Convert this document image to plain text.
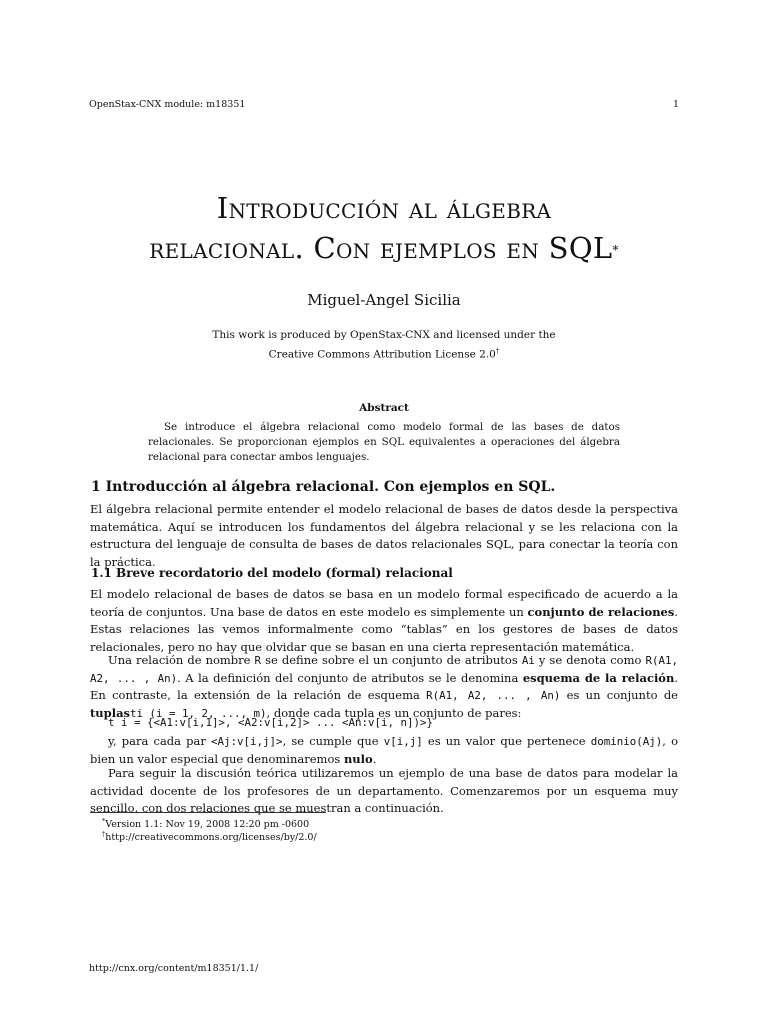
OpenStax-CNX module: m18351	1
Introducción al álgebra
relacional. Con ejemplos en SQL*
Miguel-Angel Sicilia
This work is produced by OpenStax-CNX and licensed under the
Creative Commons Attribution License 2.0†
Abstract
Se introduce el álgebra relacional como modelo formal de las bases de datos relacionales. Se proporcionan ejemplos en SQL equivalentes a operaciones del álgebra relacional para conectar ambos lenguajes.
1 Introducción al álgebra relacional. Con ejemplos en SQL.
El álgebra relacional permite entender el modelo relacional de bases de datos desde la perspectiva matemática. Aquí se introducen los fundamentos del álgebra relacional y se les relaciona con la estructura del lenguaje de consulta de bases de datos relacionales SQL, para conectar la teoría con la práctica.
1.1 Breve recordatorio del modelo (formal) relacional
El modelo relacional de bases de datos se basa en un modelo formal especificado de acuerdo a la teoría de conjuntos. Una base de datos en este modelo es simplemente un conjunto de relaciones. Estas relaciones las vemos informalmente como “tablas” en los gestores de bases de datos relacionales, pero no hay que olvidar que se basan en una cierta representación matemática.
Una relación de nombre R se define sobre el un conjunto de atributos Ai y se denota como R(A1, A2, ... , An). A la definición del conjunto de atributos se le denomina esquema de la relación. En contraste, la extensión de la relación de esquema R(A1, A2, ... , An) es un conjunto de tuplasti (i = 1, 2, ..., m), donde cada tupla es un conjunto de pares:
t i = {<A1:v[i,1]>, <A2:v[i,2]> ... <An:v[i, n])>}
y, para cada par <Aj:v[i,j]>, se cumple que v[i,j] es un valor que pertenece dominio(Aj), o bien un valor especial que denominaremos nulo.
Para seguir la discusión teórica utilizaremos un ejemplo de una base de datos para modelar la actividad docente de los profesores de un departamento. Comenzaremos por un esquema muy sencillo, con dos relaciones que se muestran a continuación.
*Version 1.1: Nov 19, 2008 12:20 pm -0600
†http://creativecommons.org/licenses/by/2.0/
http://cnx.org/content/m18351/1.1/
